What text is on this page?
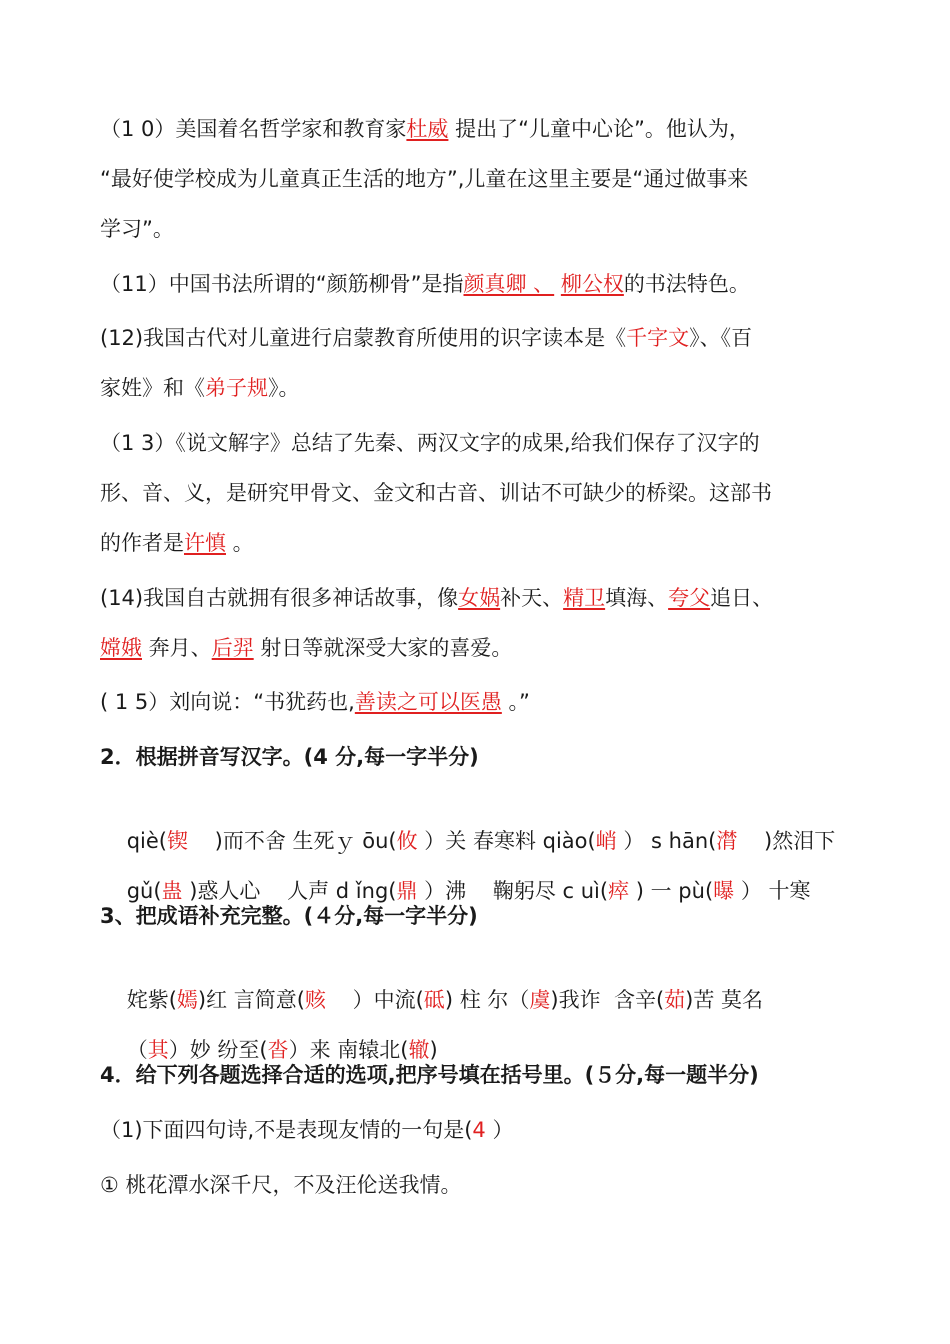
（1 0）美国着名哲学家和教育家杜威 提出了“儿童中心论”。他认为，
“最好使学校成为儿童真正生活的地方”,儿童在这里主要是“通过做事来
学习”。
（11）中国书法所谓的“颜筋柳骨”是指颜真卿 、 柳公权的书法特色。
(12)我国古代对儿童进行启蒙教育所使用的识字读本是《千字文》、《百
家姓》和《弟子规》。
（1 3）《说文解字》总结了先秦、两汉文字的成果,给我们保存了汉字的
形、音、义，是研究甲骨文、金文和古音、训诂不可缺少的桥梁。这部书
的作者是许慎 。
(14)我国自古就拥有很多神话故事，像女娲补天、精卫填海、夸父追日、
嫦娥 奔月、后羿 射日等就深受大家的喜爱。
( 1 5）刘向说：“书犹药也,善读之可以医愚 。”
2．根据拼音写汉字。(4 分,每一字半分)

qiè(锲    )而不舍 生死ｙ ōu(攸 ）关 春寒料 qiào(峭 ） s hān(潸    )然泪下

gǔ(蛊 )惑人心    人声 d ǐng(鼎 ）沸    鞠躬尽 c uì(瘁 ) 一 pù(曝 ） 十寒

3、把成语补充完整。(４分,每一字半分)

姹紫(嫣)红 言简意(赅    ）中流(砥) 柱 尔（虞)我诈  含辛(茹)苦 莫名

（其）妙 纷至(沓）来 南辕北(辙)

4．给下列各题选择合适的选项,把序号填在括号里。(５分,每一题半分)
（1)下面四句诗,不是表现友情的一句是(4 ）
① 桃花潭水深千尺，不及汪伦送我情。
